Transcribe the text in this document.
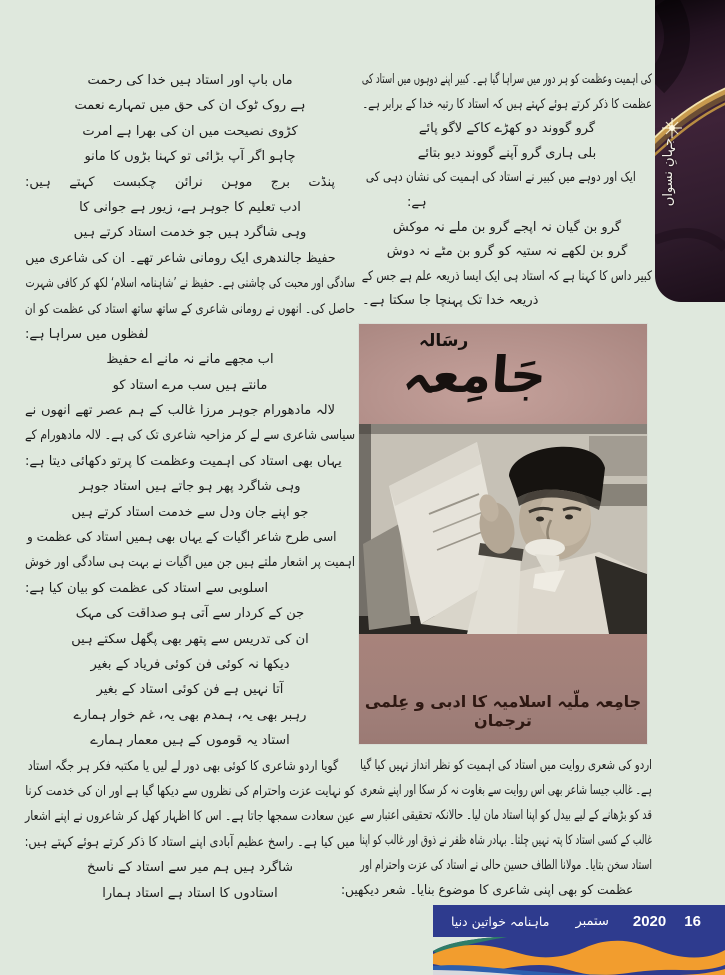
ماں باپ اور استاد ہیں خدا کی رحمت
ہے روک ٹوک ان کی حق میں تمہارے نعمت
کڑوی نصیحت میں ان کی بھرا ہے امرت
چاہو اگر آپ بڑائی تو کہنا بڑوں کا مانو
پنڈت برج موہن نرائن چکبست کہتے ہیں:
ادب تعلیم کا جوہر ہے، زیور ہے جوانی کا
وہی شاگرد ہیں جو خدمت استاد کرتے ہیں
حفیظ جالندھری ایک رومانی شاعر تھے۔ ان کی شاعری میں
سادگی اور محبت کی چاشنی ہے۔ حفیظ نے ’شاہنامہ اسلام‘ لکھ کر کافی شہرت
حاصل کی۔ انھوں نے رومانی شاعری کے ساتھ ساتھ استاد کی عظمت کو ان
لفظوں میں سراہا ہے:
اب مجھے مانے نہ مانے اے حفیظ
مانتے ہیں سب مرے استاد کو
لالہ مادھورام جوہر مرزا غالب کے ہم عصر تھے انھوں نے
سیاسی شاعری سے لے کر مزاحیہ شاعری تک کی ہے۔ لالہ مادھورام کے
یہاں بھی استاد کی اہمیت وعظمت کا پرتو دکھائی دیتا ہے:
وہی شاگرد پھر ہو جاتے ہیں استاد جوہر
جو اپنے جان ودل سے خدمت استاد کرتے ہیں
اسی طرح شاعر اگیات کے یہاں بھی ہمیں استاد کی عظمت و
اہمیت پر اشعار ملتے ہیں جن میں اگیات نے بہت ہی سادگی اور خوش
اسلوبی سے استاد کی عظمت کو بیان کیا ہے:
جن کے کردار سے آتی ہو صداقت کی مہک
ان کی تدریس سے پتھر بھی پگھل سکتے ہیں
دیکھا نہ کوئی فن کوئی فریاد کے بغیر
آتا نہیں ہے فن کوئی استاد کے بغیر
رہبر بھی یہ، ہمدم بھی یہ، غم خوار ہمارے
استاد یہ قوموں کے ہیں معمار ہمارے
گویا اردو شاعری کا کوئی بھی دور لے لیں یا مکتبہ فکر ہر جگہ استاد
کو نہایت عزت واحترام کی نظروں سے دیکھا گیا ہے اور ان کی خدمت کرنا
عین سعادت سمجھا جاتا ہے۔ اس کا اظہار کھل کر شاعروں نے اپنے اشعار
میں کیا ہے۔ راسخ عظیم آبادی اپنے استاد کا ذکر کرتے ہوئے کہتے ہیں:
شاگرد ہیں ہم میر سے استاد کے ناسخ
استادوں کا استاد ہے استاد ہمارا
کی اہمیت وعظمت کو ہر دور میں سراہا گیا ہے۔ کبیر اپنے دوہوں میں استاد کی
عظمت کا ذکر کرتے ہوئے کہتے ہیں کہ استاد کا رتبہ خدا کے برابر ہے۔
گرو گووند دو کھڑے کاکے لاگو پائے
بلی ہاری گرو آپنے گووند دیو بتائے
ایک اور دوہے میں کبیر نے استاد کی اہمیت کی نشان دہی کی
ہے:
گرو بن گیان نہ اپجے گرو بن ملے نہ موکش
گرو بن لکھے نہ ستیہ کو گرو بن مٹے نہ دوش
کبیر داس کا کہنا ہے کہ استاد ہی ایک ایسا ذریعہ علم ہے جس کے
ذریعہ خدا تک پہنچا جا سکتا ہے۔
اردو کی شعری روایت میں استاد کی اہمیت کو نظر انداز نہیں کیا گیا
ہے۔ غالب جیسا شاعر بھی اس روایت سے بغاوت نہ کر سکا اور اپنے شعری
قد کو بڑھانے کے لیے بیدل کو اپنا استاد مان لیا۔ حالانکہ تحقیقی اعتبار سے
غالب کے کسی استاد کا پتہ نہیں چلتا۔ بہادر شاہ ظفر نے ذوق اور غالب کو اپنا
استاد سخن بتایا۔ مولانا الطاف حسین حالی نے استاد کی عزت واحترام اور
عظمت کو بھی اپنی شاعری کا موضوع بنایا۔ شعر دیکھیں:
رسَالہ
جَامِعہ
جامِعہ ملّیہ اسلامیہ کا ادبی و عِلمی ترجمان
جہانِ نسواں
ماہنامہ خواتین دنیا ستمبر 2020 16
